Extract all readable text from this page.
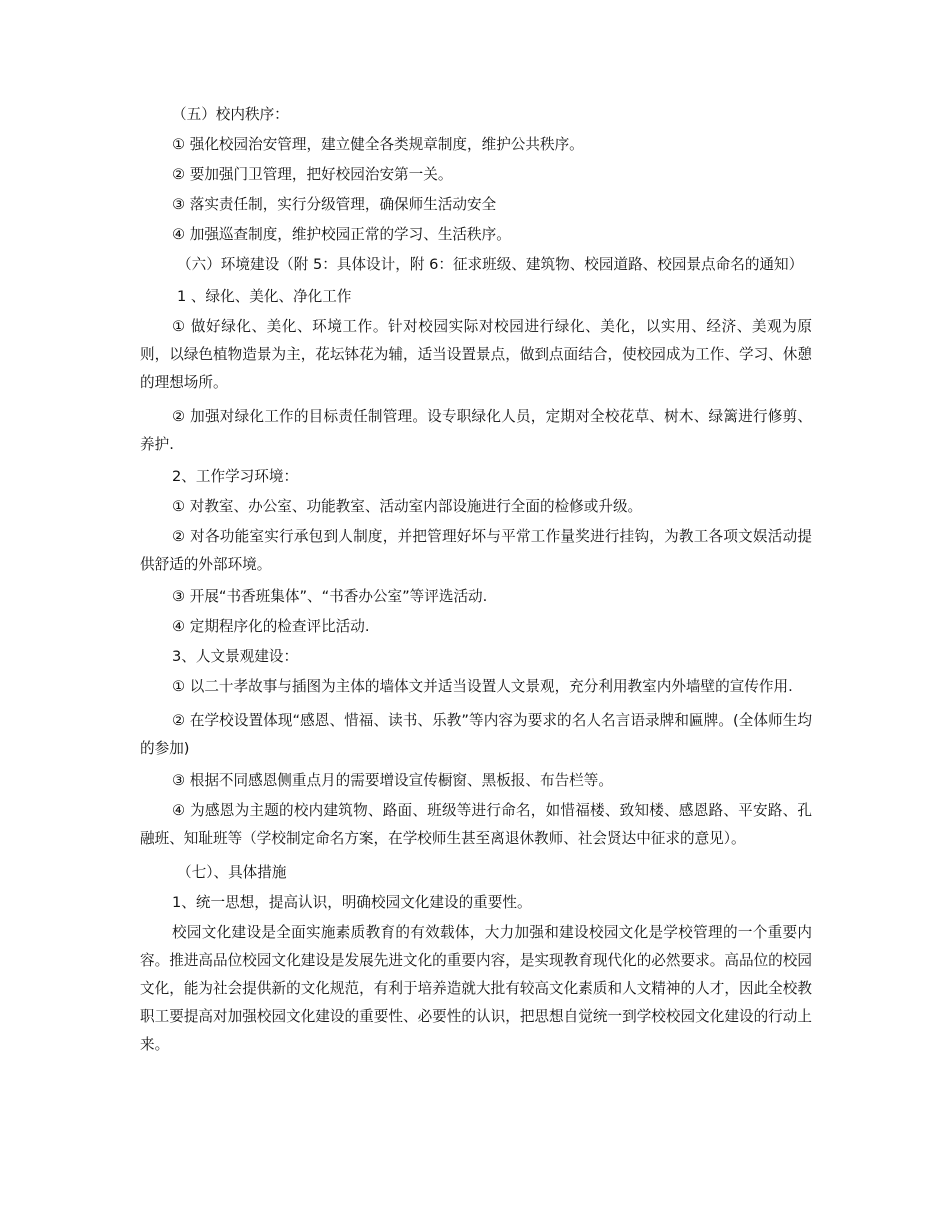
（五）校内秩序：

① 强化校园治安管理，建立健全各类规章制度，维护公共秩序。

② 要加强门卫管理，把好校园治安第一关。

③ 落实责任制，实行分级管理，确保师生活动安全

④ 加强巡查制度，维护校园正常的学习、生活秩序。

（六）环境建设（附 5：具体设计，附 6：征求班级、建筑物、校园道路、校园景点命名的通知）

1 、绿化、美化、净化工作

① 做好绿化、美化、环境工作。针对校园实际对校园进行绿化、美化，以实用、经济、美观为原则，以绿色植物造景为主，花坛钵花为辅，适当设置景点，做到点面结合，使校园成为工作、学习、休憩的理想场所。

② 加强对绿化工作的目标责任制管理。设专职绿化人员，定期对全校花草、树木、绿篱进行修剪、养护.

2、工作学习环境：

① 对教室、办公室、功能教室、活动室内部设施进行全面的检修或升级。

② 对各功能室实行承包到人制度，并把管理好坏与平常工作量奖进行挂钩，为教工各项文娱活动提供舒适的外部环境。

③ 开展“书香班集体”、“书香办公室”等评选活动.

④ 定期程序化的检查评比活动.

3、人文景观建设：

① 以二十孝故事与插图为主体的墙体文并适当设置人文景观，充分利用教室内外墙壁的宣传作用.

② 在学校设置体现“感恩、惜福、读书、乐教”等内容为要求的名人名言语录牌和匾牌。(全体师生均的参加)

③ 根据不同感恩侧重点月的需要增设宣传橱窗、黑板报、布告栏等。

④ 为感恩为主题的校内建筑物、路面、班级等进行命名，如惜福楼、致知楼、感恩路、平安路、孔融班、知耻班等（学校制定命名方案，在学校师生甚至离退休教师、社会贤达中征求的意见）。

（七）、具体措施

1、统一思想，提高认识，明确校园文化建设的重要性。

校园文化建设是全面实施素质教育的有效载体，大力加强和建设校园文化是学校管理的一个重要内容。推进高品位校园文化建设是发展先进文化的重要内容，是实现教育现代化的必然要求。高品位的校园文化，能为社会提供新的文化规范，有利于培养造就大批有较高文化素质和人文精神的人才，因此全校教职工要提高对加强校园文化建设的重要性、必要性的认识，把思想自觉统一到学校校园文化建设的行动上来。
